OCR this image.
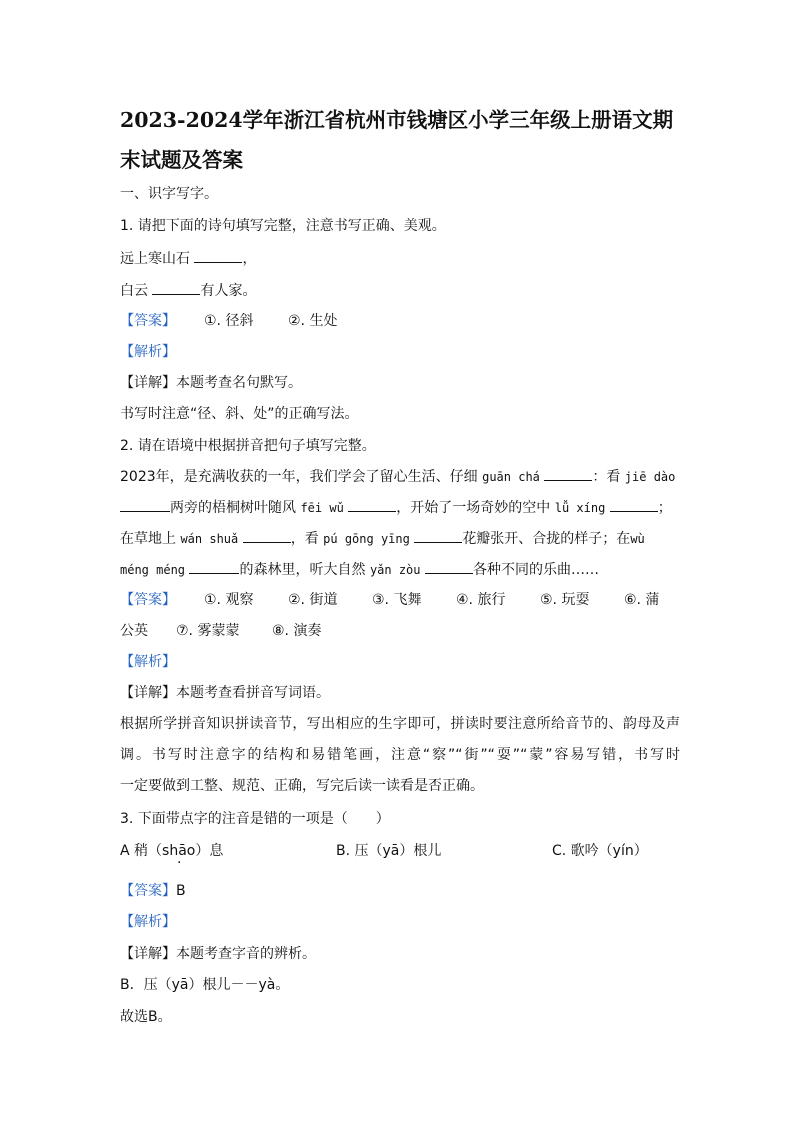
2023-2024学年浙江省杭州市钱塘区小学三年级上册语文期末试题及答案
一、识字写字。
1. 请把下面的诗句填写完整，注意书写正确、美观。
远上寒山石	，
白云	有人家。
【答案】 ①. 径斜 ②. 生处
【解析】
【详解】本题考查名句默写。
书写时注意“径、斜、处”的正确写法。
2. 请在语境中根据拼音把句子填写完整。
2023年，是充满收获的一年，我们学会了留心生活、仔细 guān chá	：看 jiē dào
两旁的梧桐树叶随风 fēi wǔ	，开始了一场奇妙的空中 lǚ xíng	；
在草地上 wán shuǎ	，看 pú gōng yīng	花瓣张开、合拢的样子；在wù
méng méng	的森林里，听大自然 yǎn zòu	各种不同的乐曲……
【答案】 ①. 观察 ②. 街道 ③. 飞舞 ④. 旅行 ⑤. 玩耍 ⑥. 蒲
公英 ⑦. 雾蒙蒙 ⑧. 演奏
【解析】
【详解】本题考查看拼音写词语。
根据所学拼音知识拼读音节，写出相应的生字即可，拼读时要注意所给音节的、韵母及声
调。书写时注意字的结构和易错笔画，注意“察”“街”“耍”“蒙”容易写错，书写时
一定要做到工整、规范、正确，写完后读一读看是否正确。
3. 下面带点字的注音是错的一项是（　　）
A 稍（shāo ·）息	B. 压（yā）根儿	C. 歌吟（yín）
【答案】B
【解析】
【详解】本题考查字音的辨析。
B．压（yā）根儿－－yà。
故选B。
